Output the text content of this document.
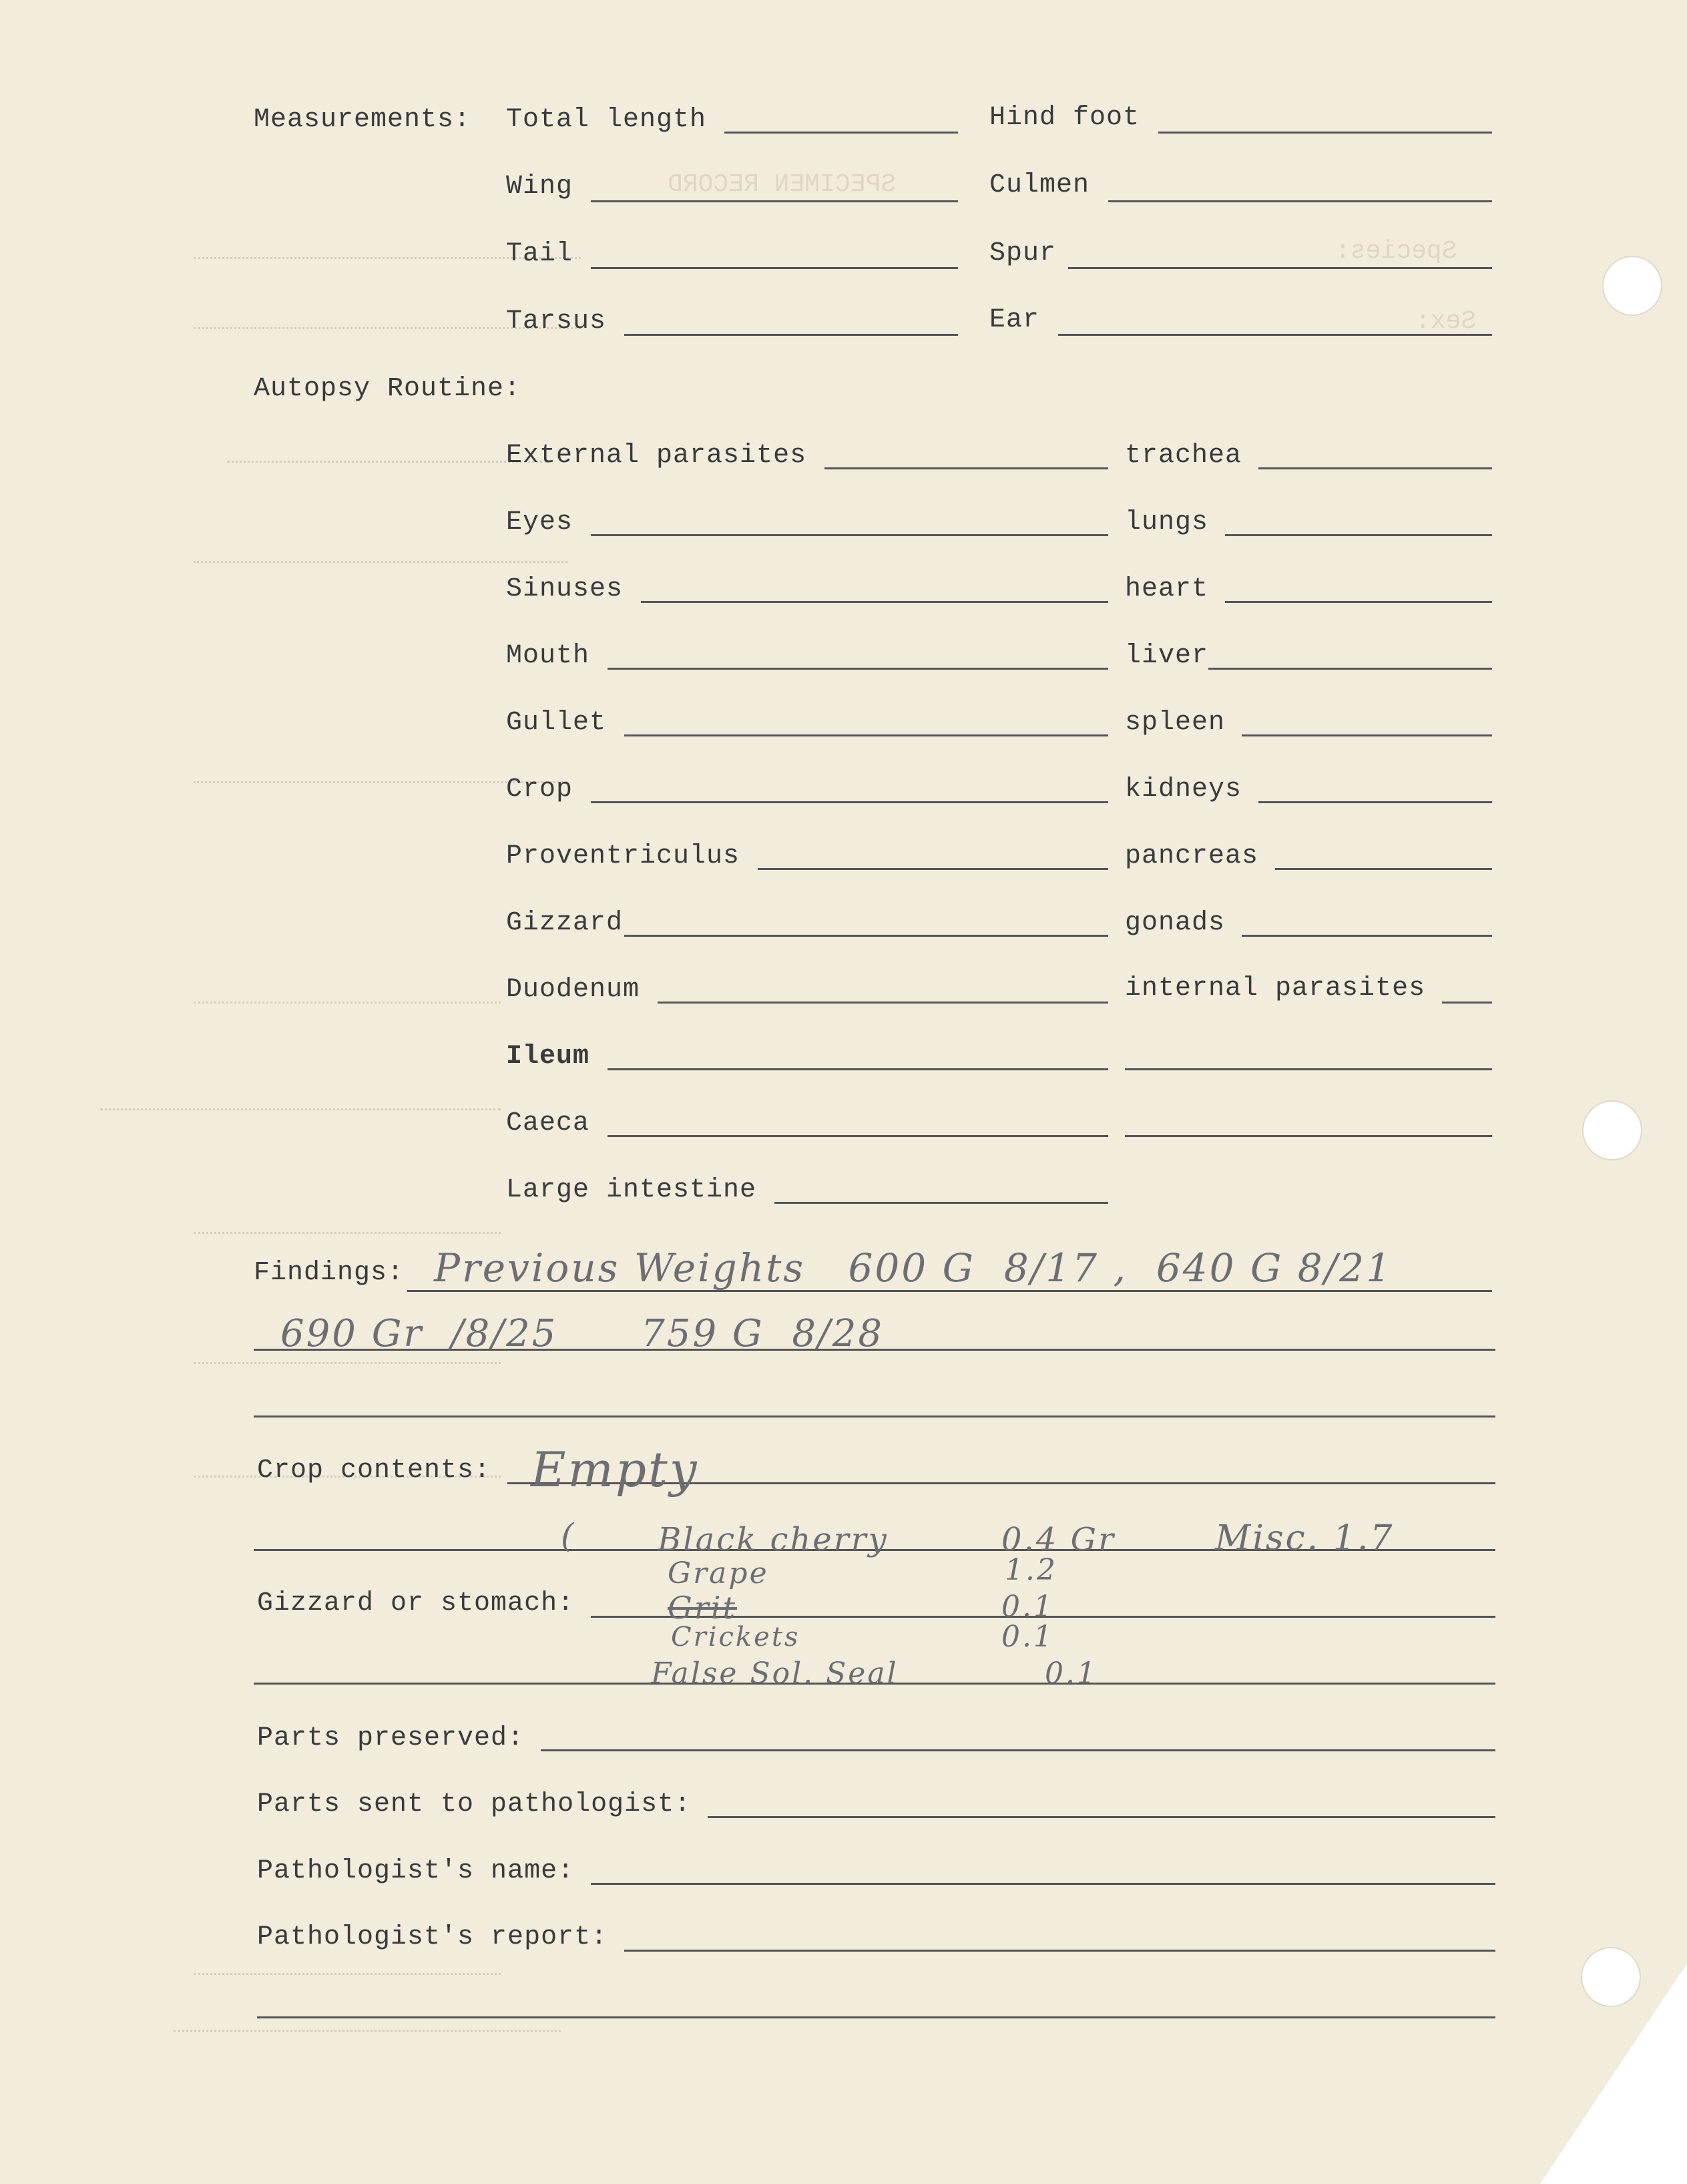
SPECIMEN RECORD
Species:
Sex:
Measurements: Total length	Hind foot
Wing	Culmen
Tail	Spur
Tarsus	Ear
Autopsy Routine:
External parasites	trachea
Eyes	lungs
Sinuses	heart
Mouth	liver
Gullet	spleen
Crop	kidneys
Proventriculus	pancreas
Gizzard	gonads
Duodenum	internal parasites
Ileum
Caeca
Large intestine
Findings: Previous Weights   600 G  8/17 ,  640 G 8/21
690 Gr  /8/25      759 G  8/28
Crop contents: Empty
Gizzard or stomach:
(	Black cherry	0.4 Gr	Misc. 1.7
Grape	1.2
Grit	0.1
Crickets	0.1
False Sol. Seal	0.1
Parts preserved:
Parts sent to pathologist:
Pathologist's name:
Pathologist's report:
